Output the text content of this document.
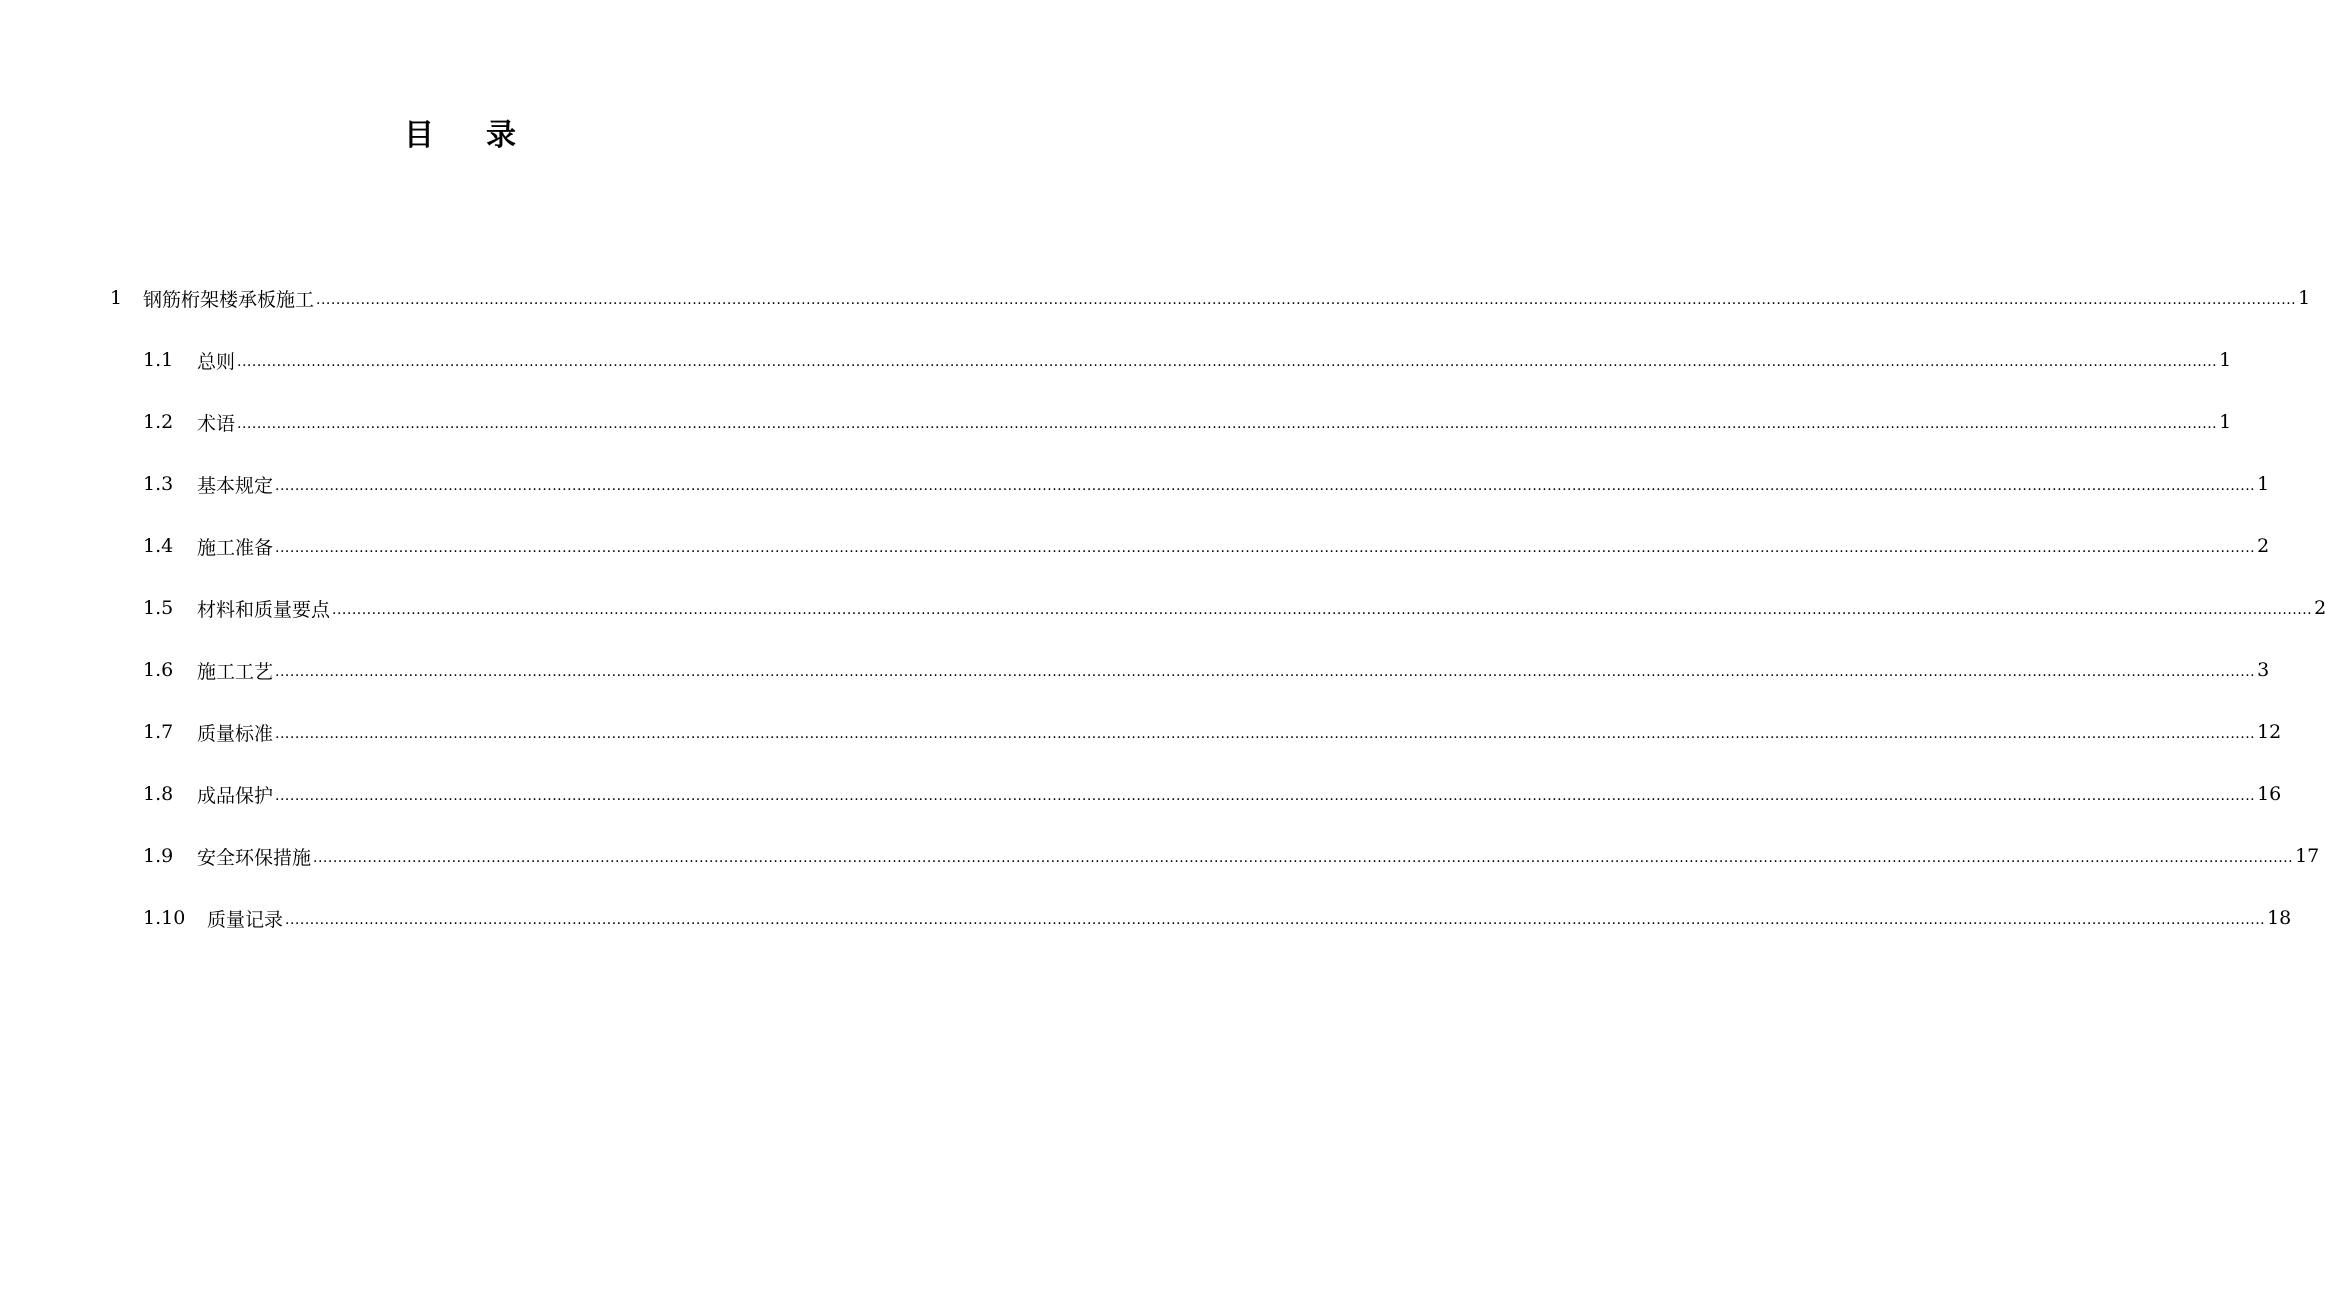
目 录
1	钢筋桁架楼承板施工 ................................................................................................................................................................................................................................................................................................................................................................................................................ 1
1.1	总则 ................................................................................................................................................................................................................................................................................................................................................................................................................ 1
1.2	术语 ................................................................................................................................................................................................................................................................................................................................................................................................................ 1
1.3	基本规定 ................................................................................................................................................................................................................................................................................................................................................................................................................ 1
1.4	施工准备 ................................................................................................................................................................................................................................................................................................................................................................................................................ 2
1.5	材料和质量要点 ................................................................................................................................................................................................................................................................................................................................................................................................................ 2
1.6	施工工艺 ................................................................................................................................................................................................................................................................................................................................................................................................................ 3
1.7	质量标准 ................................................................................................................................................................................................................................................................................................................................................................................................................ 12
1.8	成品保护 ................................................................................................................................................................................................................................................................................................................................................................................................................ 16
1.9	安全环保措施 ................................................................................................................................................................................................................................................................................................................................................................................................................ 17
1.10	质量记录 ................................................................................................................................................................................................................................................................................................................................................................................................................ 18
